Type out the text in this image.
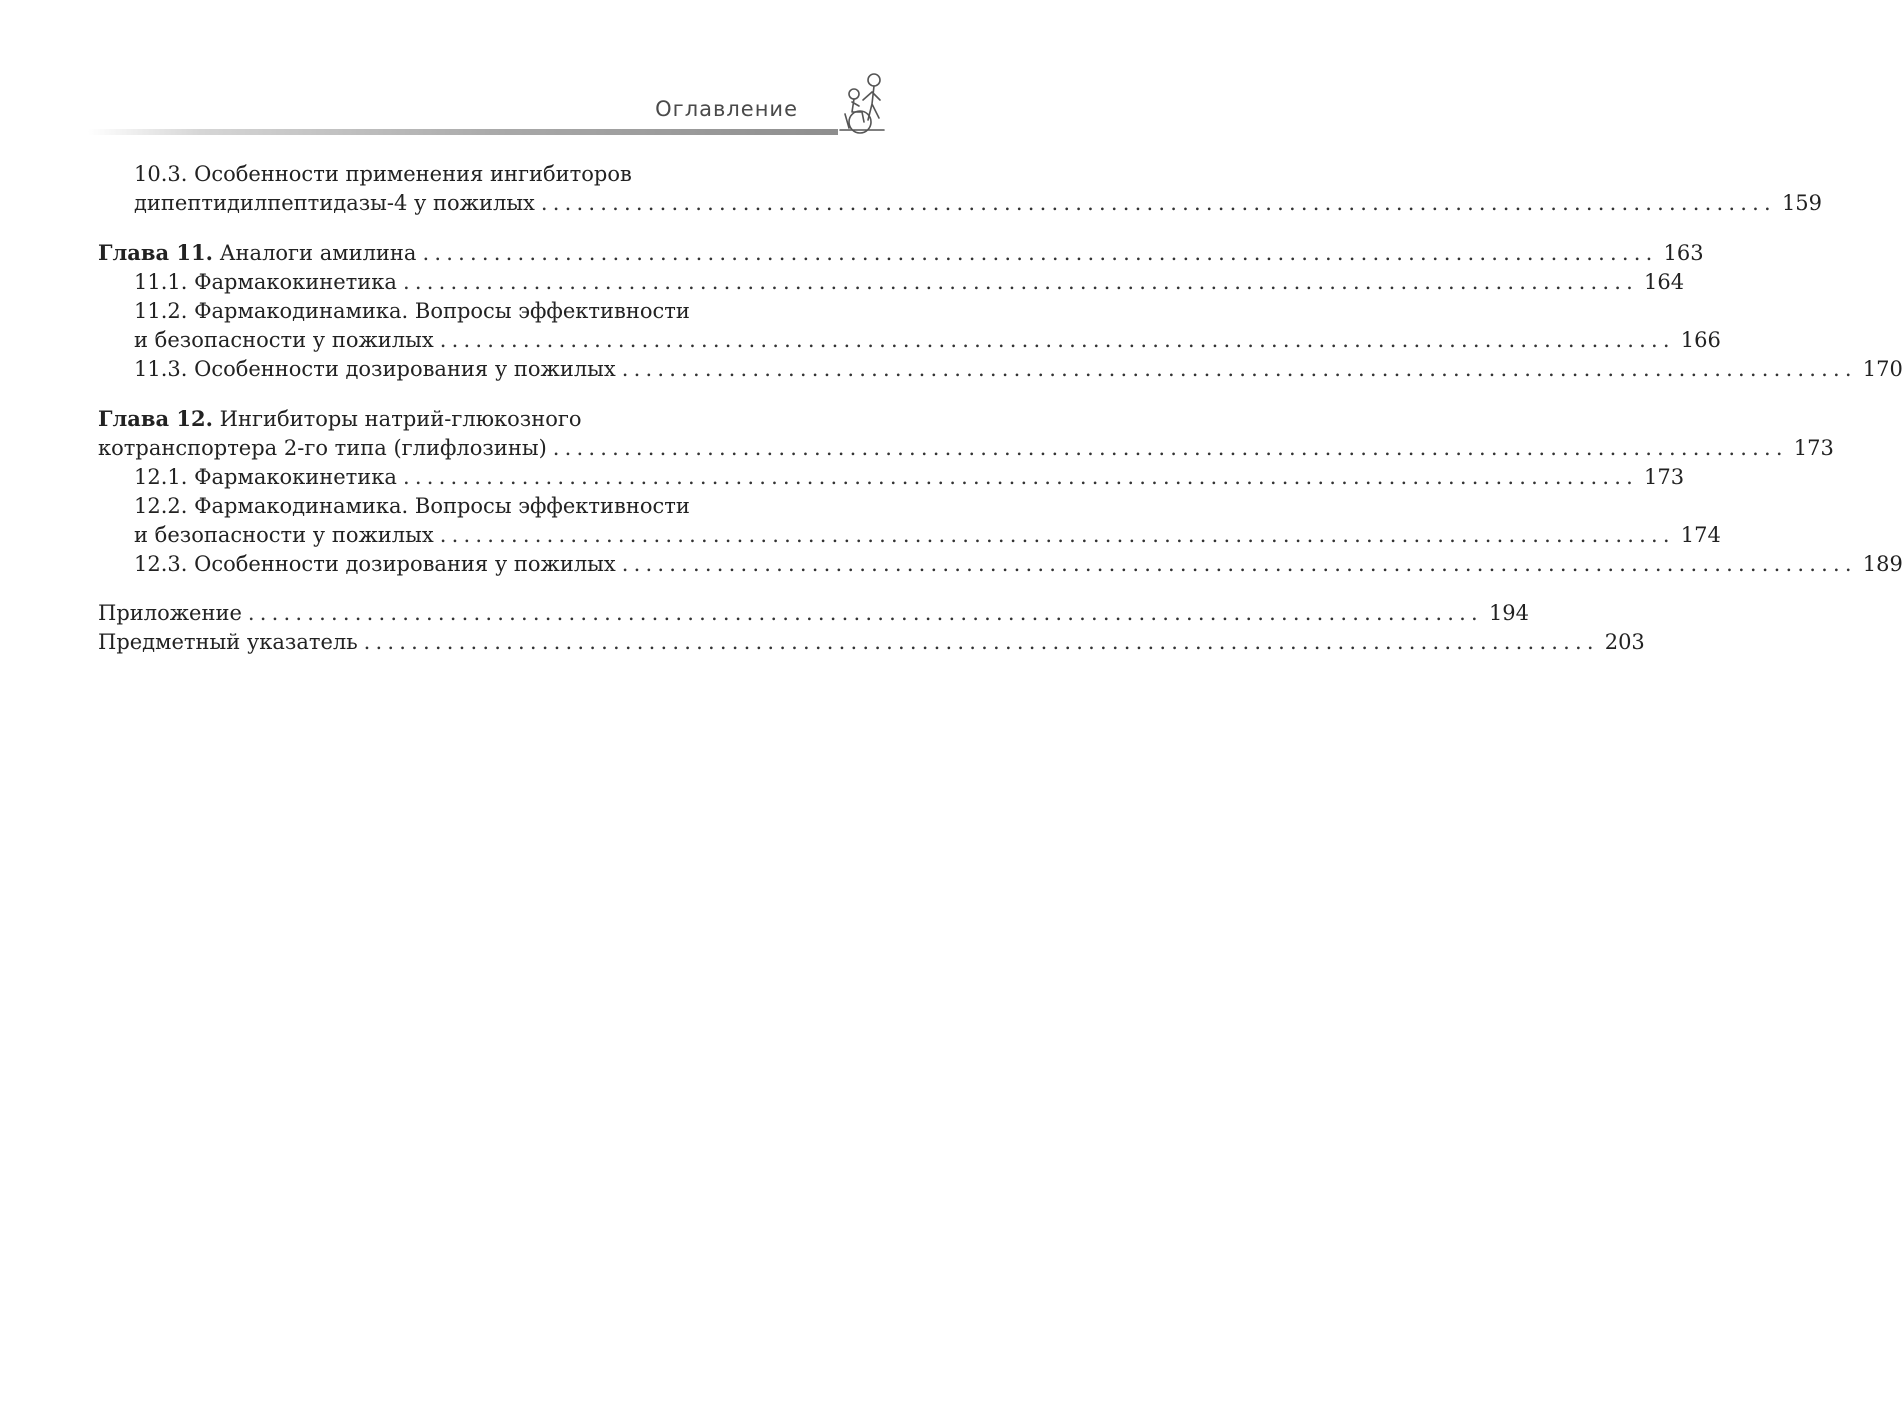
Оглавление
10.3. Особенности применения ингибиторов
дипептидилпептидазы-4 у пожилых ........................................................................................................ 159
Глава 11. Аналоги амилина ........................................................................................................ 163
11.1. Фармакокинетика ........................................................................................................ 164
11.2. Фармакодинамика. Вопросы эффективности
и безопасности у пожилых ........................................................................................................ 166
11.3. Особенности дозирования у пожилых ........................................................................................................ 170
Глава 12. Ингибиторы натрий-глюкозного
котранспортера 2-го типа (глифлозины) ........................................................................................................ 173
12.1. Фармакокинетика ........................................................................................................ 173
12.2. Фармакодинамика. Вопросы эффективности
и безопасности у пожилых ........................................................................................................ 174
12.3. Особенности дозирования у пожилых ........................................................................................................ 189
Приложение ........................................................................................................ 194
Предметный указатель ........................................................................................................ 203
